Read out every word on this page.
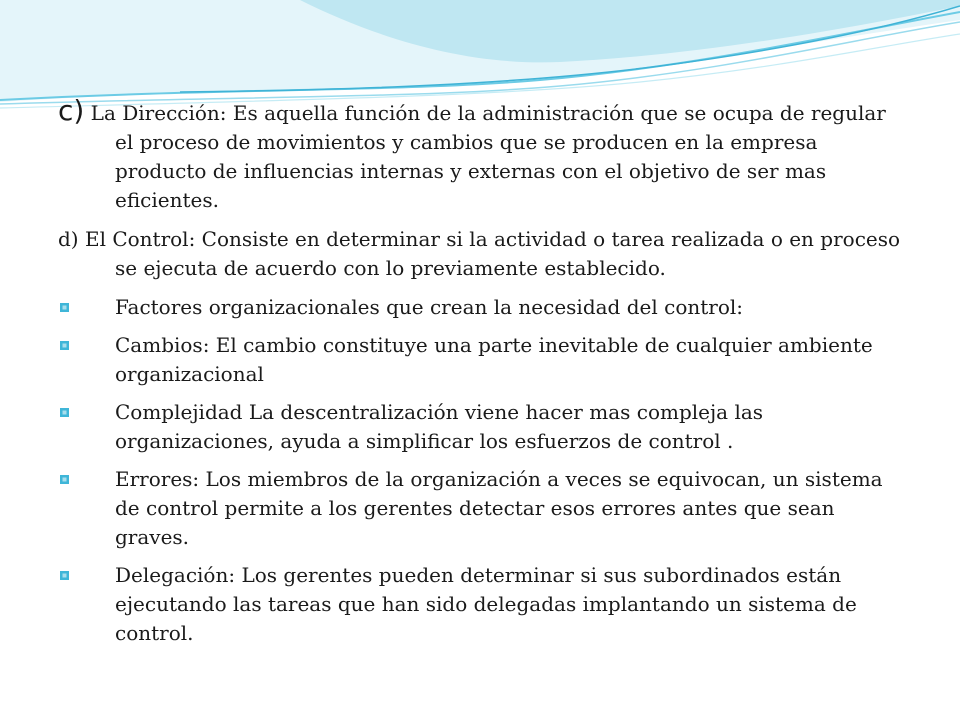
c) La Dirección: Es aquella función de la administración que se ocupa de regular el proceso de movimientos y cambios que se producen en la empresa producto de influencias internas y externas con el objetivo de ser mas eficientes.

d) El Control: Consiste en determinar si la actividad o tarea realizada o en proceso se ejecuta de acuerdo con lo previamente establecido.

Factores organizacionales que crean la necesidad del control:
Cambios: El cambio constituye una parte inevitable de cualquier ambiente organizacional
Complejidad La descentralización viene hacer mas compleja las organizaciones, ayuda a simplificar los esfuerzos de control .
Errores: Los miembros de la organización a veces se equivocan, un sistema de control permite a los gerentes detectar esos errores antes que sean graves.
Delegación: Los gerentes pueden determinar si sus subordinados están ejecutando las tareas que han sido delegadas implantando un sistema de control.
